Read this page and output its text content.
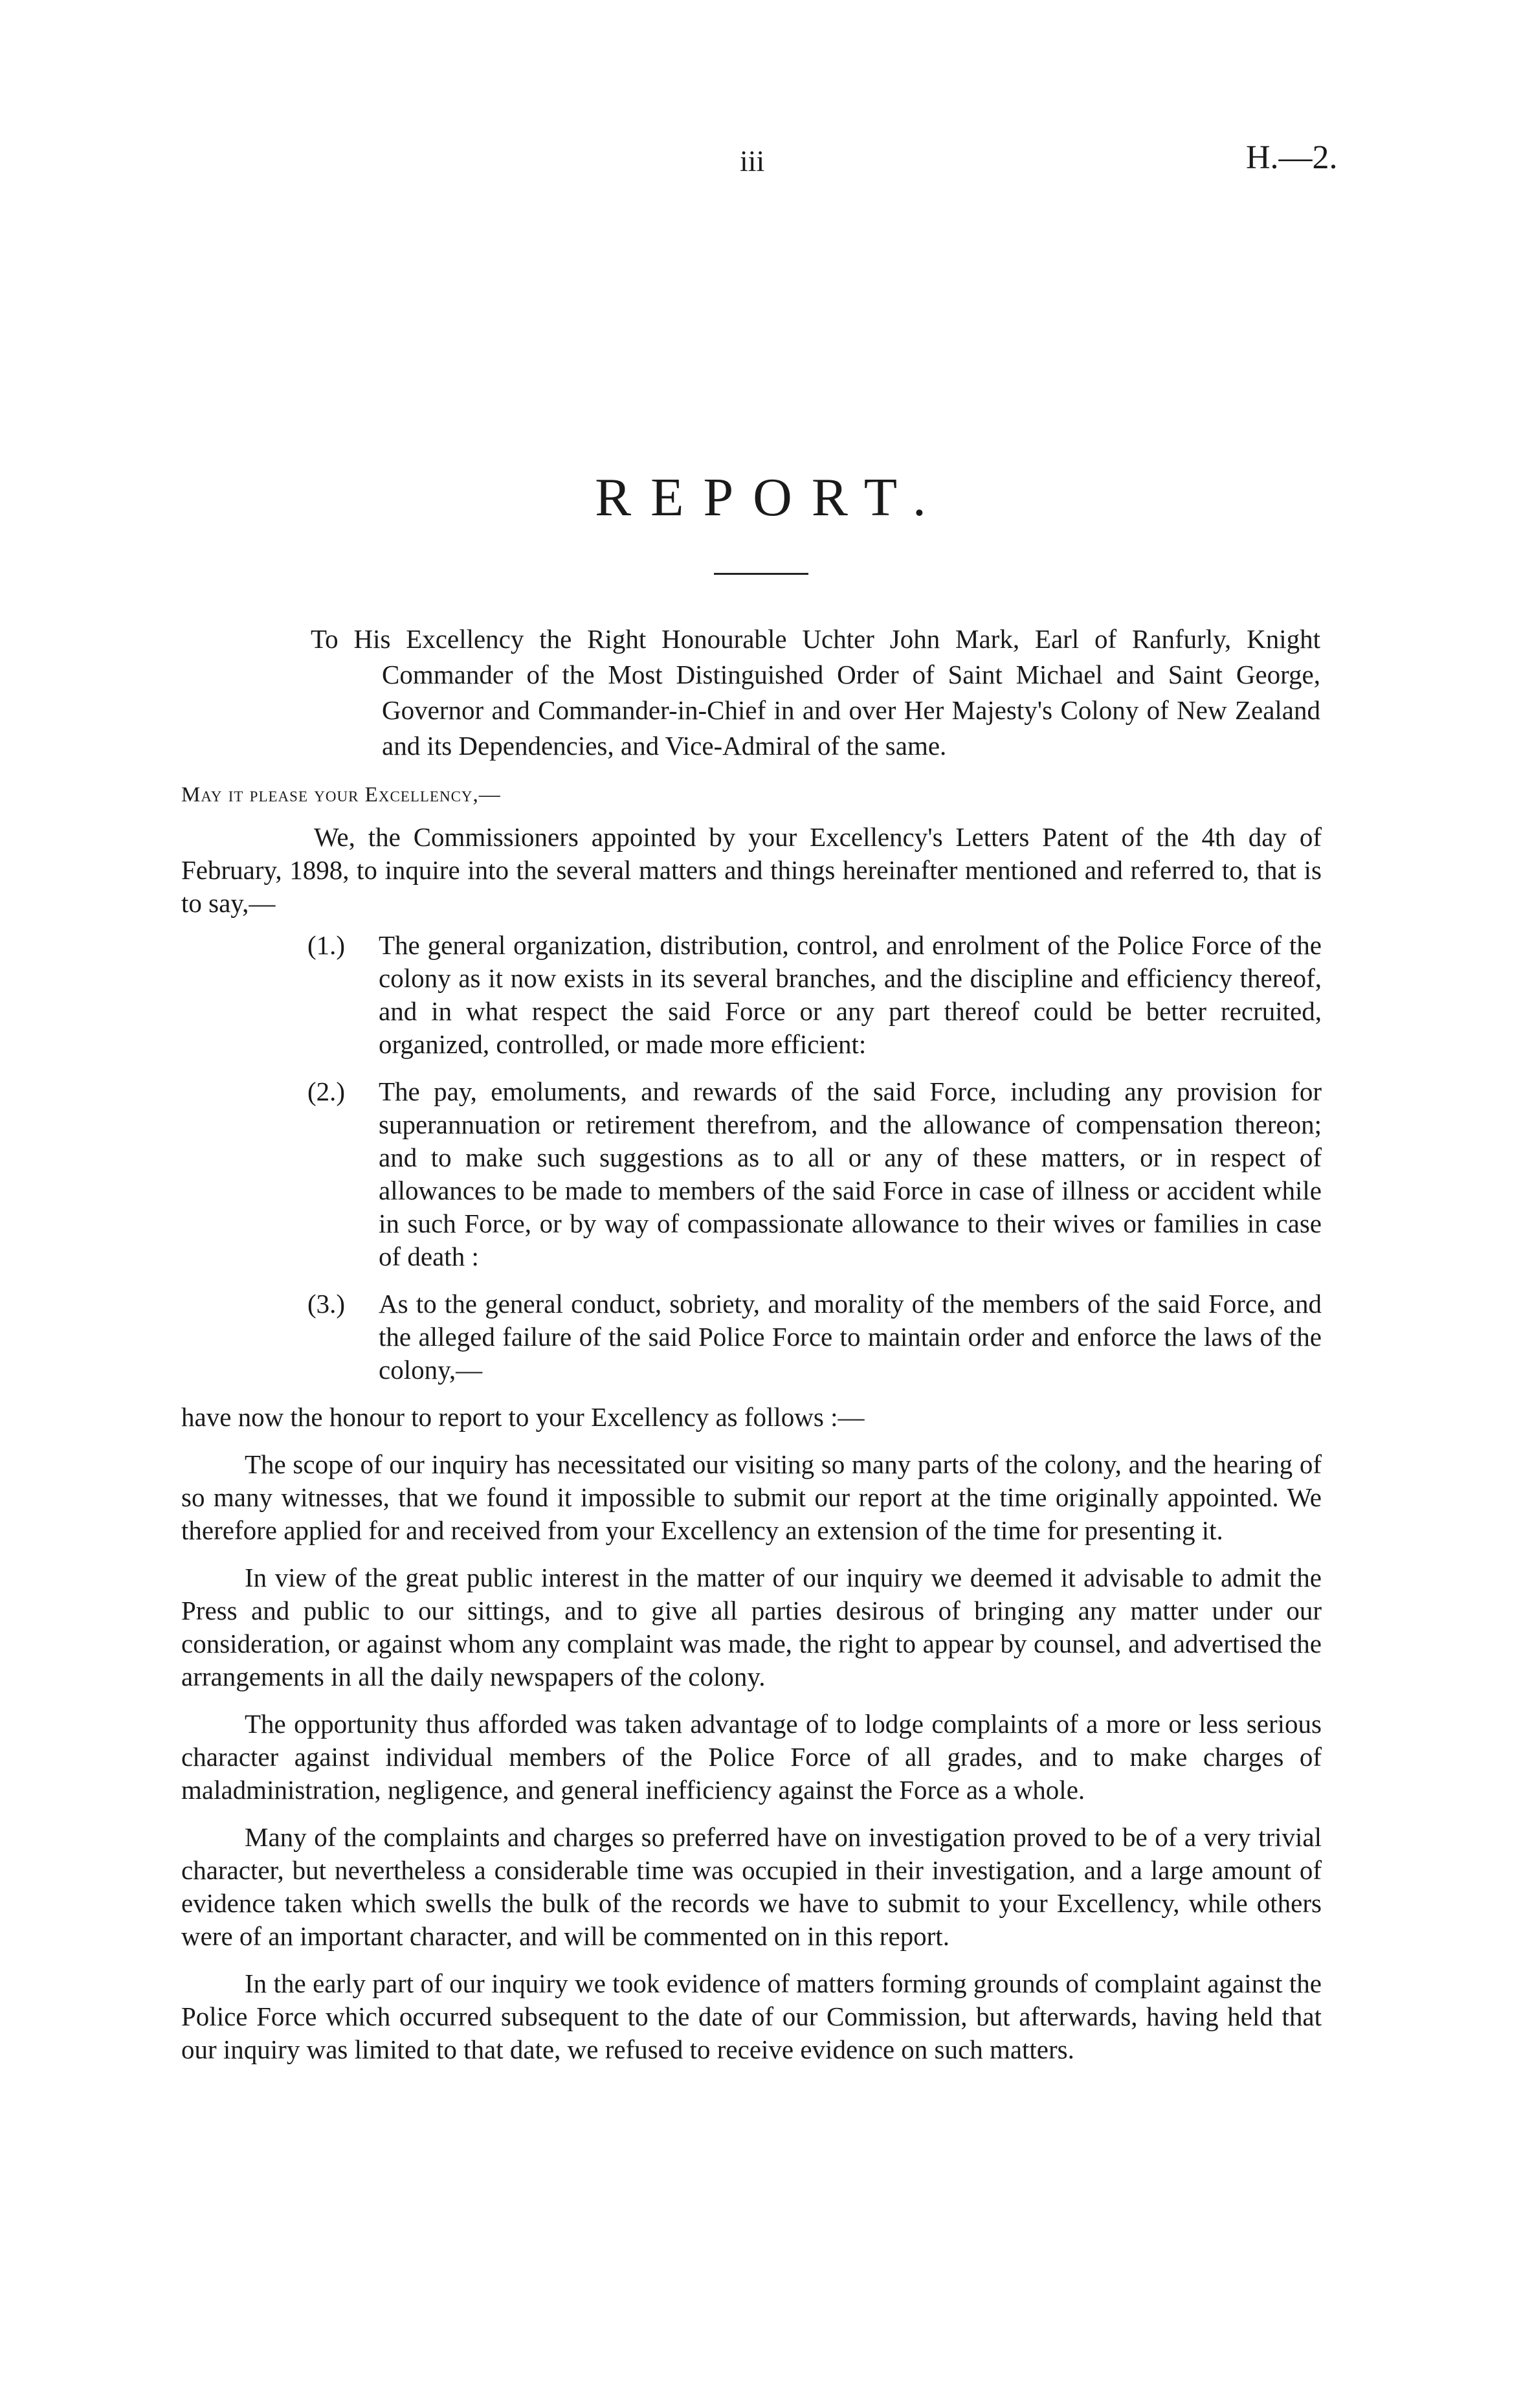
iii	H.—2.
REPORT.

To His Excellency the Right Honourable Uchter John Mark, Earl of Ranfurly, Knight Commander of the Most Distinguished Order of Saint Michael and Saint George, Governor and Commander-in-Chief in and over Her Majesty's Colony of New Zealand and its Dependencies, and Vice-Admiral of the same.

May it please your Excellency,—

We, the Commissioners appointed by your Excellency's Letters Patent of the 4th day of February, 1898, to inquire into the several matters and things hereinafter mentioned and referred to, that is to say,—

(1.) The general organization, distribution, control, and enrolment of the Police Force of the colony as it now exists in its several branches, and the discipline and efficiency thereof, and in what respect the said Force or any part thereof could be better recruited, organized, controlled, or made more efficient:
(2.) The pay, emoluments, and rewards of the said Force, including any provision for superannuation or retirement therefrom, and the allowance of compensation thereon; and to make such suggestions as to all or any of these matters, or in respect of allowances to be made to members of the said Force in case of illness or accident while in such Force, or by way of compassionate allowance to their wives or families in case of death :
(3.) As to the general conduct, sobriety, and morality of the members of the said Force, and the alleged failure of the said Police Force to maintain order and enforce the laws of the colony,—

have now the honour to report to your Excellency as follows :—

The scope of our inquiry has necessitated our visiting so many parts of the colony, and the hearing of so many witnesses, that we found it impossible to submit our report at the time originally appointed. We therefore applied for and received from your Excellency an extension of the time for presenting it.

In view of the great public interest in the matter of our inquiry we deemed it advisable to admit the Press and public to our sittings, and to give all parties desirous of bringing any matter under our consideration, or against whom any complaint was made, the right to appear by counsel, and advertised the arrangements in all the daily newspapers of the colony.

The opportunity thus afforded was taken advantage of to lodge complaints of a more or less serious character against individual members of the Police Force of all grades, and to make charges of maladministration, negligence, and general inefficiency against the Force as a whole.

Many of the complaints and charges so preferred have on investigation proved to be of a very trivial character, but nevertheless a considerable time was occupied in their investigation, and a large amount of evidence taken which swells the bulk of the records we have to submit to your Excellency, while others were of an important character, and will be commented on in this report.

In the early part of our inquiry we took evidence of matters forming grounds of complaint against the Police Force which occurred subsequent to the date of our Commission, but afterwards, having held that our inquiry was limited to that date, we refused to receive evidence on such matters.
